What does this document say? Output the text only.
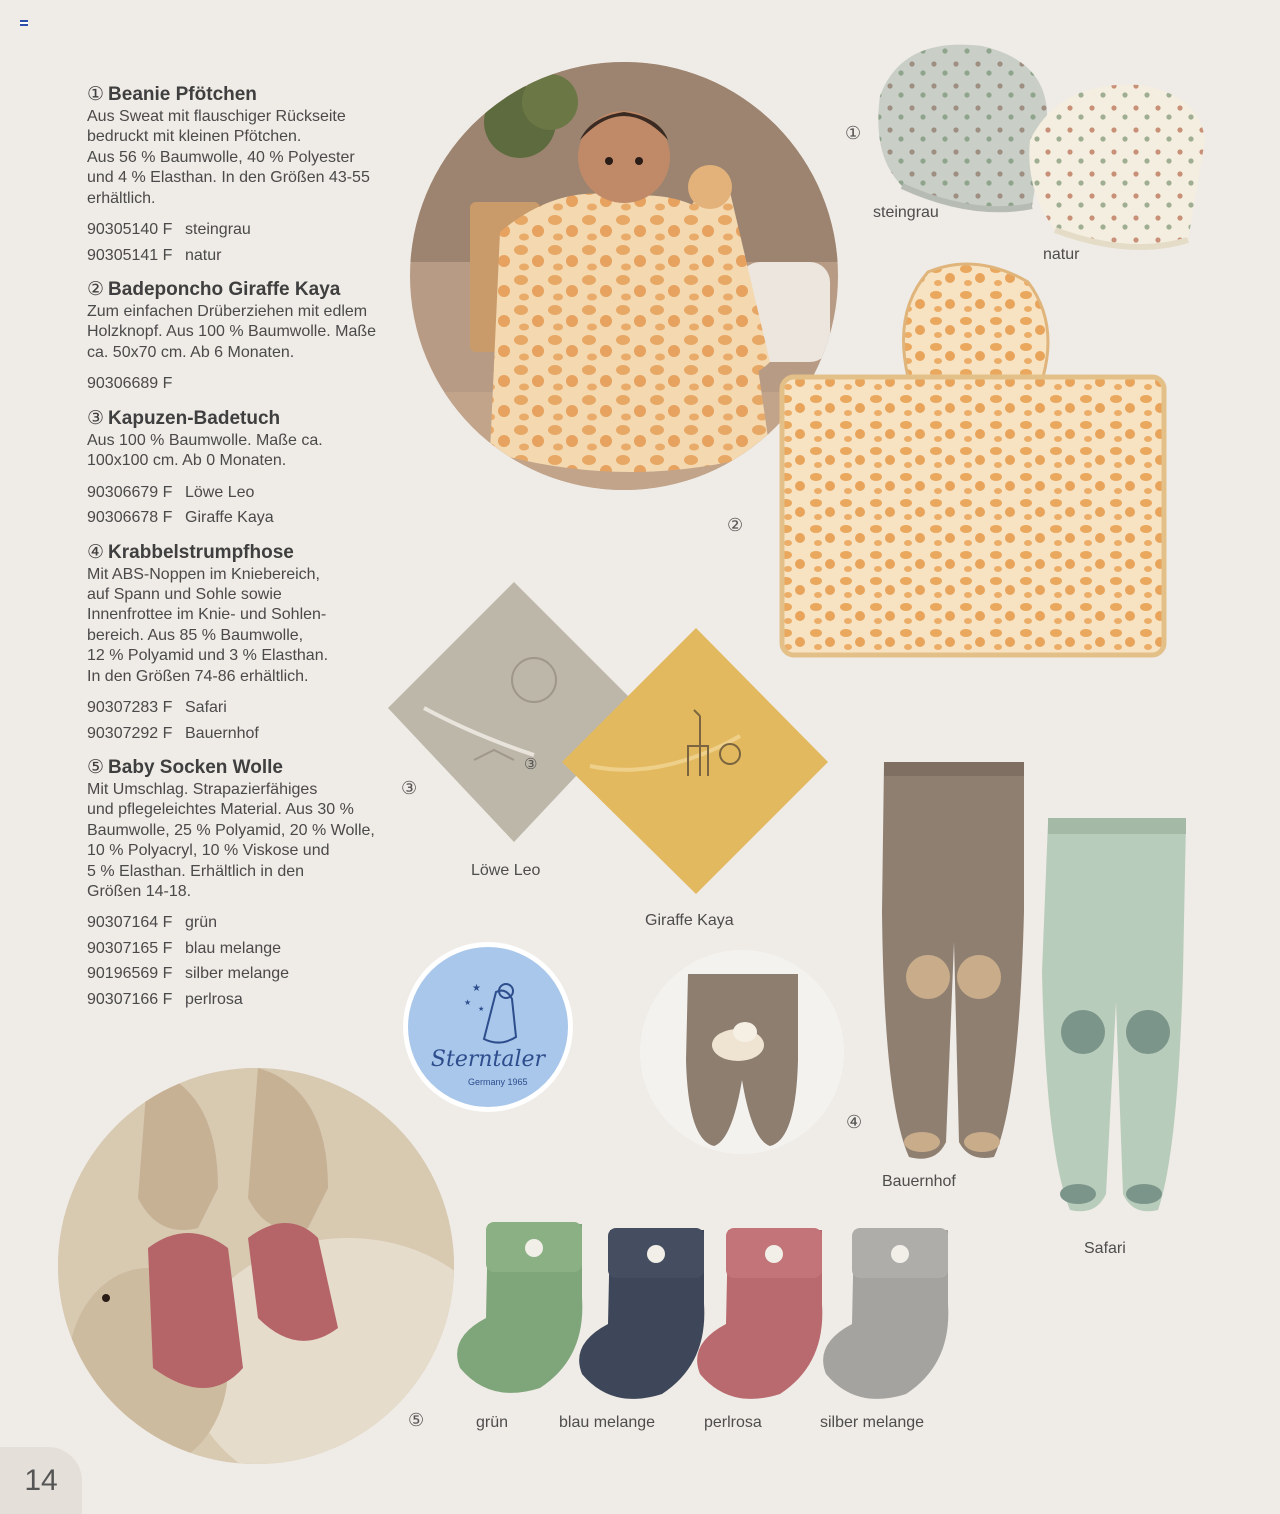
① Beanie Pfötchen
Aus Sweat mit flauschiger Rückseite
bedruckt mit kleinen Pfötchen.
Aus 56 % Baumwolle, 40 % Polyester
und 4 % Elasthan. In den Größen 43-55
erhältlich.
90305140 F steingrau
90305141 F natur
② Badeponcho Giraffe Kaya
Zum einfachen Drüberziehen mit edlem
Holzknopf. Aus 100 % Baumwolle. Maße
ca. 50x70 cm. Ab 6 Monaten.
90306689 F
③ Kapuzen-Badetuch
Aus 100 % Baumwolle. Maße ca.
100x100 cm. Ab 0 Monaten.
90306679 F Löwe Leo
90306678 F Giraffe Kaya
④ Krabbelstrumpfhose
Mit ABS-Noppen im Kniebereich,
auf Spann und Sohle sowie
Innenfrottee im Knie- und Sohlen-
bereich. Aus 85 % Baumwolle,
12 % Polyamid und 3 % Elasthan.
In den Größen 74-86 erhältlich.
90307283 F Safari
90307292 F Bauernhof
⑤ Baby Socken Wolle
Mit Umschlag. Strapazierfähiges
und pflegeleichtes Material. Aus 30 %
Baumwolle, 25 % Polyamid, 20 % Wolle,
10 % Polyacryl, 10 % Viskose und
5 % Elasthan. Erhältlich in den
Größen 14-18.
90307164 F grün
90307165 F blau melange
90196569 F silber melange
90307166 F perlrosa
①
steingrau
natur
②
③
③
Löwe Leo
Giraffe Kaya
★
★
★
Sterntaler
Germany 1965
④
Bauernhof
Safari
⑤	grün	blau melange	perlrosa	silber melange
14
